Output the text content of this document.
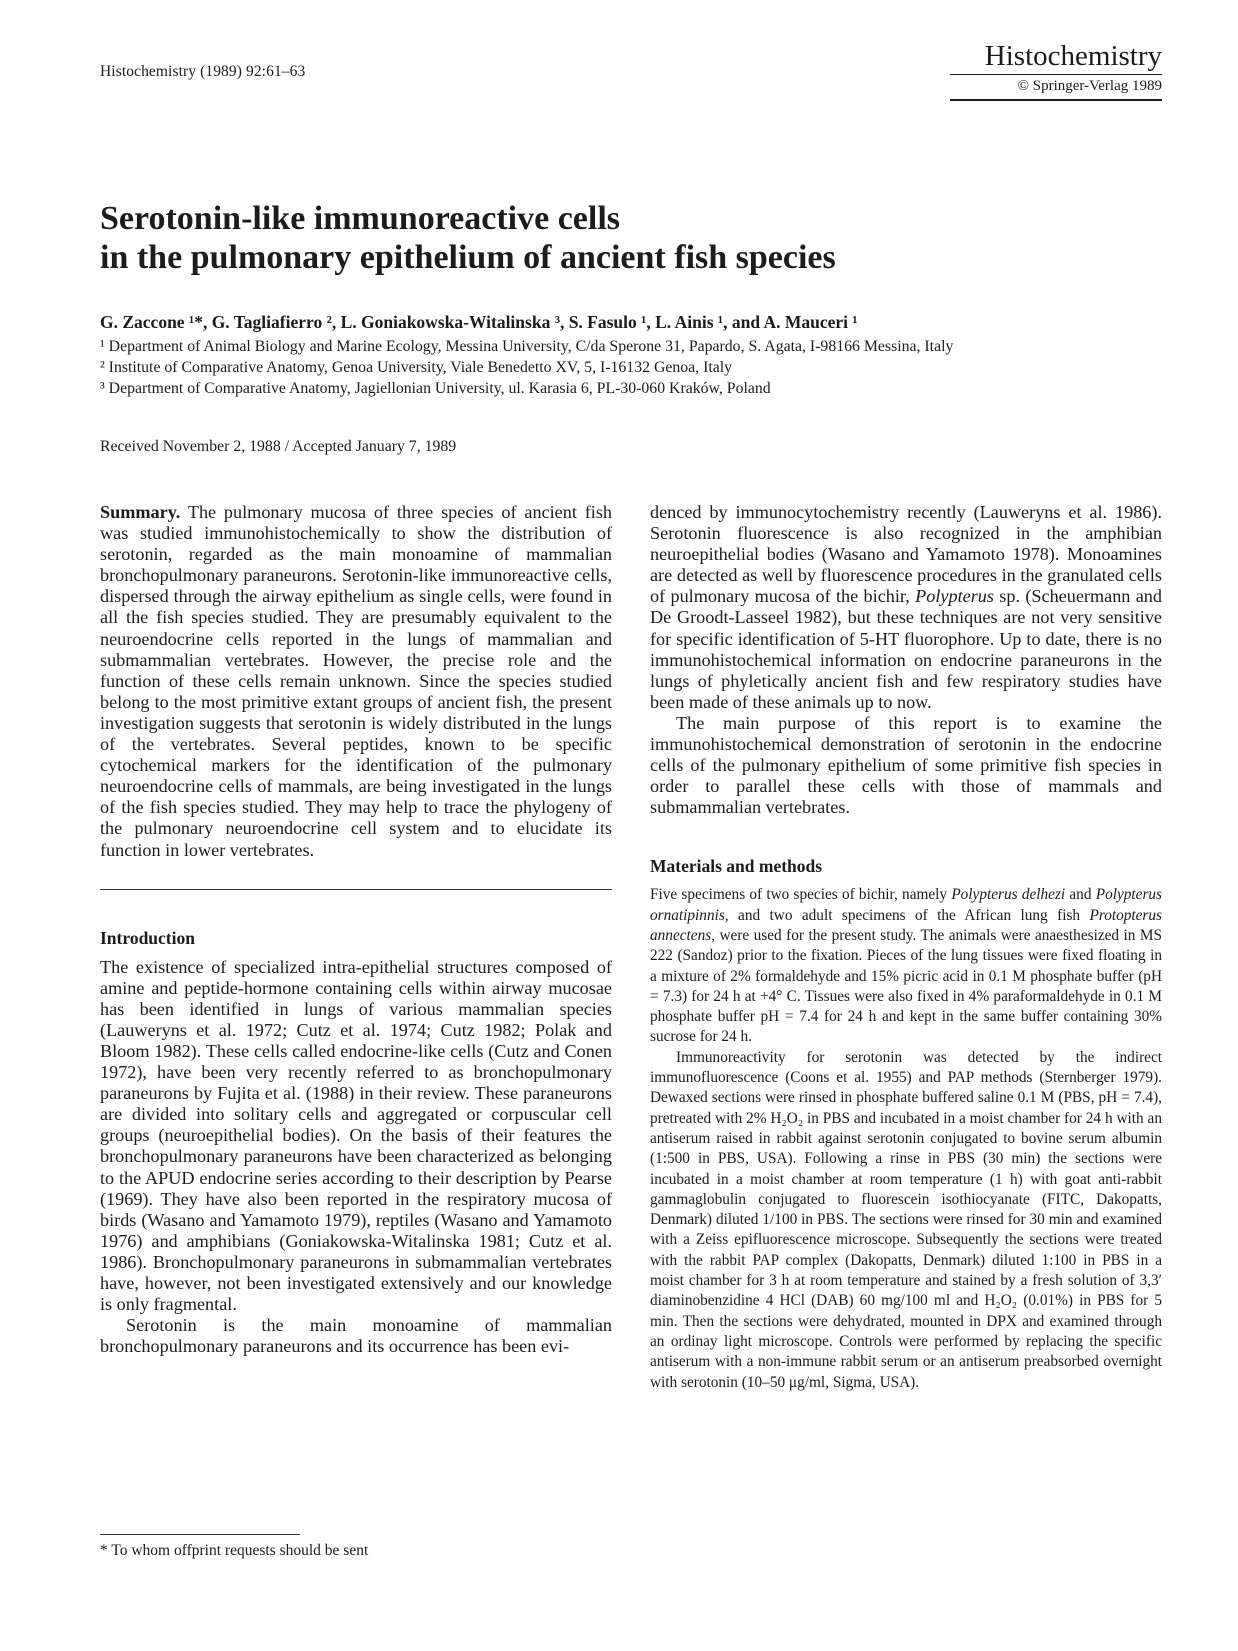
Histochemistry (1989) 92:61–63	Histochemistry
© Springer-Verlag 1989
Serotonin-like immunoreactive cells
in the pulmonary epithelium of ancient fish species
G. Zaccone ¹*, G. Tagliafierro ², L. Goniakowska-Witalinska ³, S. Fasulo ¹, L. Ainis ¹, and A. Mauceri ¹

¹ Department of Animal Biology and Marine Ecology, Messina University, C/da Sperone 31, Papardo, S. Agata, I-98166 Messina, Italy

² Institute of Comparative Anatomy, Genoa University, Viale Benedetto XV, 5, I-16132 Genoa, Italy

³ Department of Comparative Anatomy, Jagiellonian University, ul. Karasia 6, PL-30-060 Kraków, Poland

Received November 2, 1988 / Accepted January 7, 1989

Summary. The pulmonary mucosa of three species of ancient fish was studied immunohistochemically to show the distribution of serotonin, regarded as the main monoamine of mammalian bronchopulmonary paraneurons. Serotonin-like immunoreactive cells, dispersed through the airway epithelium as single cells, were found in all the fish species studied. They are presumably equivalent to the neuroendocrine cells reported in the lungs of mammalian and submammalian vertebrates. However, the precise role and the function of these cells remain unknown. Since the species studied belong to the most primitive extant groups of ancient fish, the present investigation suggests that serotonin is widely distributed in the lungs of the vertebrates. Several peptides, known to be specific cytochemical markers for the identification of the pulmonary neuroendocrine cells of mammals, are being investigated in the lungs of the fish species studied. They may help to trace the phylogeny of the pulmonary neuroendocrine cell system and to elucidate its function in lower vertebrates.

Introduction

The existence of specialized intra-epithelial structures composed of amine and peptide-hormone containing cells within airway mucosae has been identified in lungs of various mammalian species (Lauweryns et al. 1972; Cutz et al. 1974; Cutz 1982; Polak and Bloom 1982). These cells called endocrine-like cells (Cutz and Conen 1972), have been very recently referred to as bronchopulmonary paraneurons by Fujita et al. (1988) in their review. These paraneurons are divided into solitary cells and aggregated or corpuscular cell groups (neuroepithelial bodies). On the basis of their features the bronchopulmonary paraneurons have been characterized as belonging to the APUD endocrine series according to their description by Pearse (1969). They have also been reported in the respiratory mucosa of birds (Wasano and Yamamoto 1979), reptiles (Wasano and Yamamoto 1976) and amphibians (Goniakowska-Witalinska 1981; Cutz et al. 1986). Bronchopulmonary paraneurons in submammalian vertebrates have, however, not been investigated extensively and our knowledge is only fragmental.

Serotonin is the main monoamine of mammalian bronchopulmonary paraneurons and its occurrence has been evi-

denced by immunocytochemistry recently (Lauweryns et al. 1986). Serotonin fluorescence is also recognized in the amphibian neuroepithelial bodies (Wasano and Yamamoto 1978). Monoamines are detected as well by fluorescence procedures in the granulated cells of pulmonary mucosa of the bichir, Polypterus sp. (Scheuermann and De Groodt-Lasseel 1982), but these techniques are not very sensitive for specific identification of 5-HT fluorophore. Up to date, there is no immunohistochemical information on endocrine paraneurons in the lungs of phyletically ancient fish and few respiratory studies have been made of these animals up to now.

The main purpose of this report is to examine the immunohistochemical demonstration of serotonin in the endocrine cells of the pulmonary epithelium of some primitive fish species in order to parallel these cells with those of mammals and submammalian vertebrates.

Materials and methods

Five specimens of two species of bichir, namely Polypterus delhezi and Polypterus ornatipinnis, and two adult specimens of the African lung fish Protopterus annectens, were used for the present study. The animals were anaesthesized in MS 222 (Sandoz) prior to the fixation. Pieces of the lung tissues were fixed floating in a mixture of 2% formaldehyde and 15% picric acid in 0.1 M phosphate buffer (pH = 7.3) for 24 h at +4° C. Tissues were also fixed in 4% paraformaldehyde in 0.1 M phosphate buffer pH = 7.4 for 24 h and kept in the same buffer containing 30% sucrose for 24 h.

Immunoreactivity for serotonin was detected by the indirect immunofluorescence (Coons et al. 1955) and PAP methods (Sternberger 1979). Dewaxed sections were rinsed in phosphate buffered saline 0.1 M (PBS, pH = 7.4), pretreated with 2% H₂O₂ in PBS and incubated in a moist chamber for 24 h with an antiserum raised in rabbit against serotonin conjugated to bovine serum albumin (1:500 in PBS, USA). Following a rinse in PBS (30 min) the sections were incubated in a moist chamber at room temperature (1 h) with goat anti-rabbit gammaglobulin conjugated to fluorescein isothiocyanate (FITC, Dakopatts, Denmark) diluted 1/100 in PBS. The sections were rinsed for 30 min and examined with a Zeiss epifluorescence microscope. Subsequently the sections were treated with the rabbit PAP complex (Dakopatts, Denmark) diluted 1:100 in PBS in a moist chamber for 3 h at room temperature and stained by a fresh solution of 3,3′ diaminobenzidine 4 HCl (DAB) 60 mg/100 ml and H₂O₂ (0.01%) in PBS for 5 min. Then the sections were dehydrated, mounted in DPX and examined through an ordinay light microscope. Controls were performed by replacing the specific antiserum with a non-immune rabbit serum or an antiserum preabsorbed overnight with serotonin (10–50 μg/ml, Sigma, USA).

* To whom offprint requests should be sent
